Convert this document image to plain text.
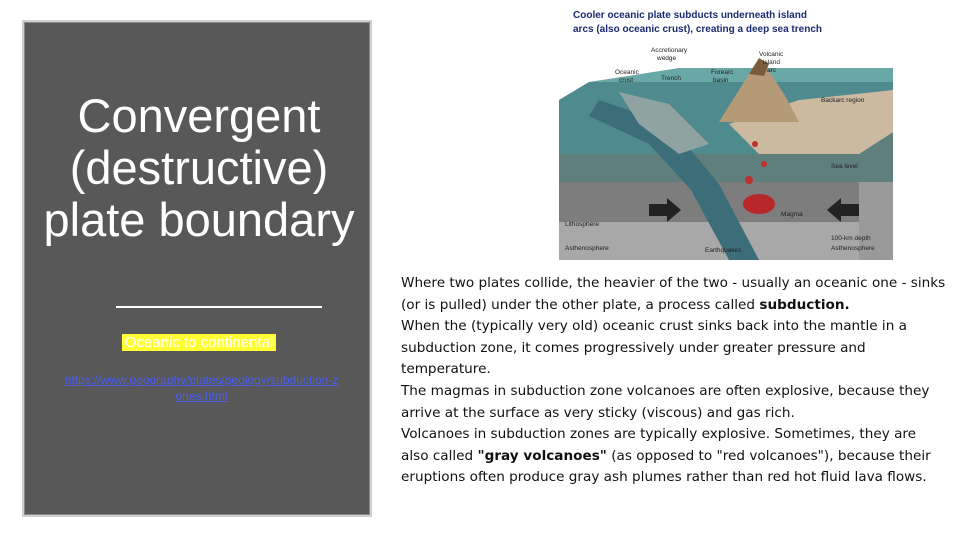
Convergent (destructive) plate boundary
Oceanic to continental
https://www.geography/plates/geology/subduction-zones.html
Cooler oceanic plate subducts underneath island
arcs (also oceanic crust), creating a deep sea trench
Accretionary
wedge
Volcanic
island
arc
Oceanic
crust	Trench
Forearc
basin
Backarc region
Sea level
Lithosphere
Magma
Asthenosphere	Earthquakes
100-km depth
Asthenosphere

Where two plates collide, the heavier of the two - usually an oceanic one - sinks (or is pulled) under the other plate, a process called subduction.

When the (typically very old) oceanic crust sinks back into the mantle in a subduction zone, it comes progressively under greater pressure and temperature.

The magmas in subduction zone volcanoes are often explosive, because they arrive at the surface as very sticky (viscous) and gas rich.

Volcanoes in subduction zones are typically explosive. Sometimes, they are also called "gray volcanoes" (as opposed to "red volcanoes"), because their eruptions often produce gray ash plumes rather than red hot fluid lava flows.
